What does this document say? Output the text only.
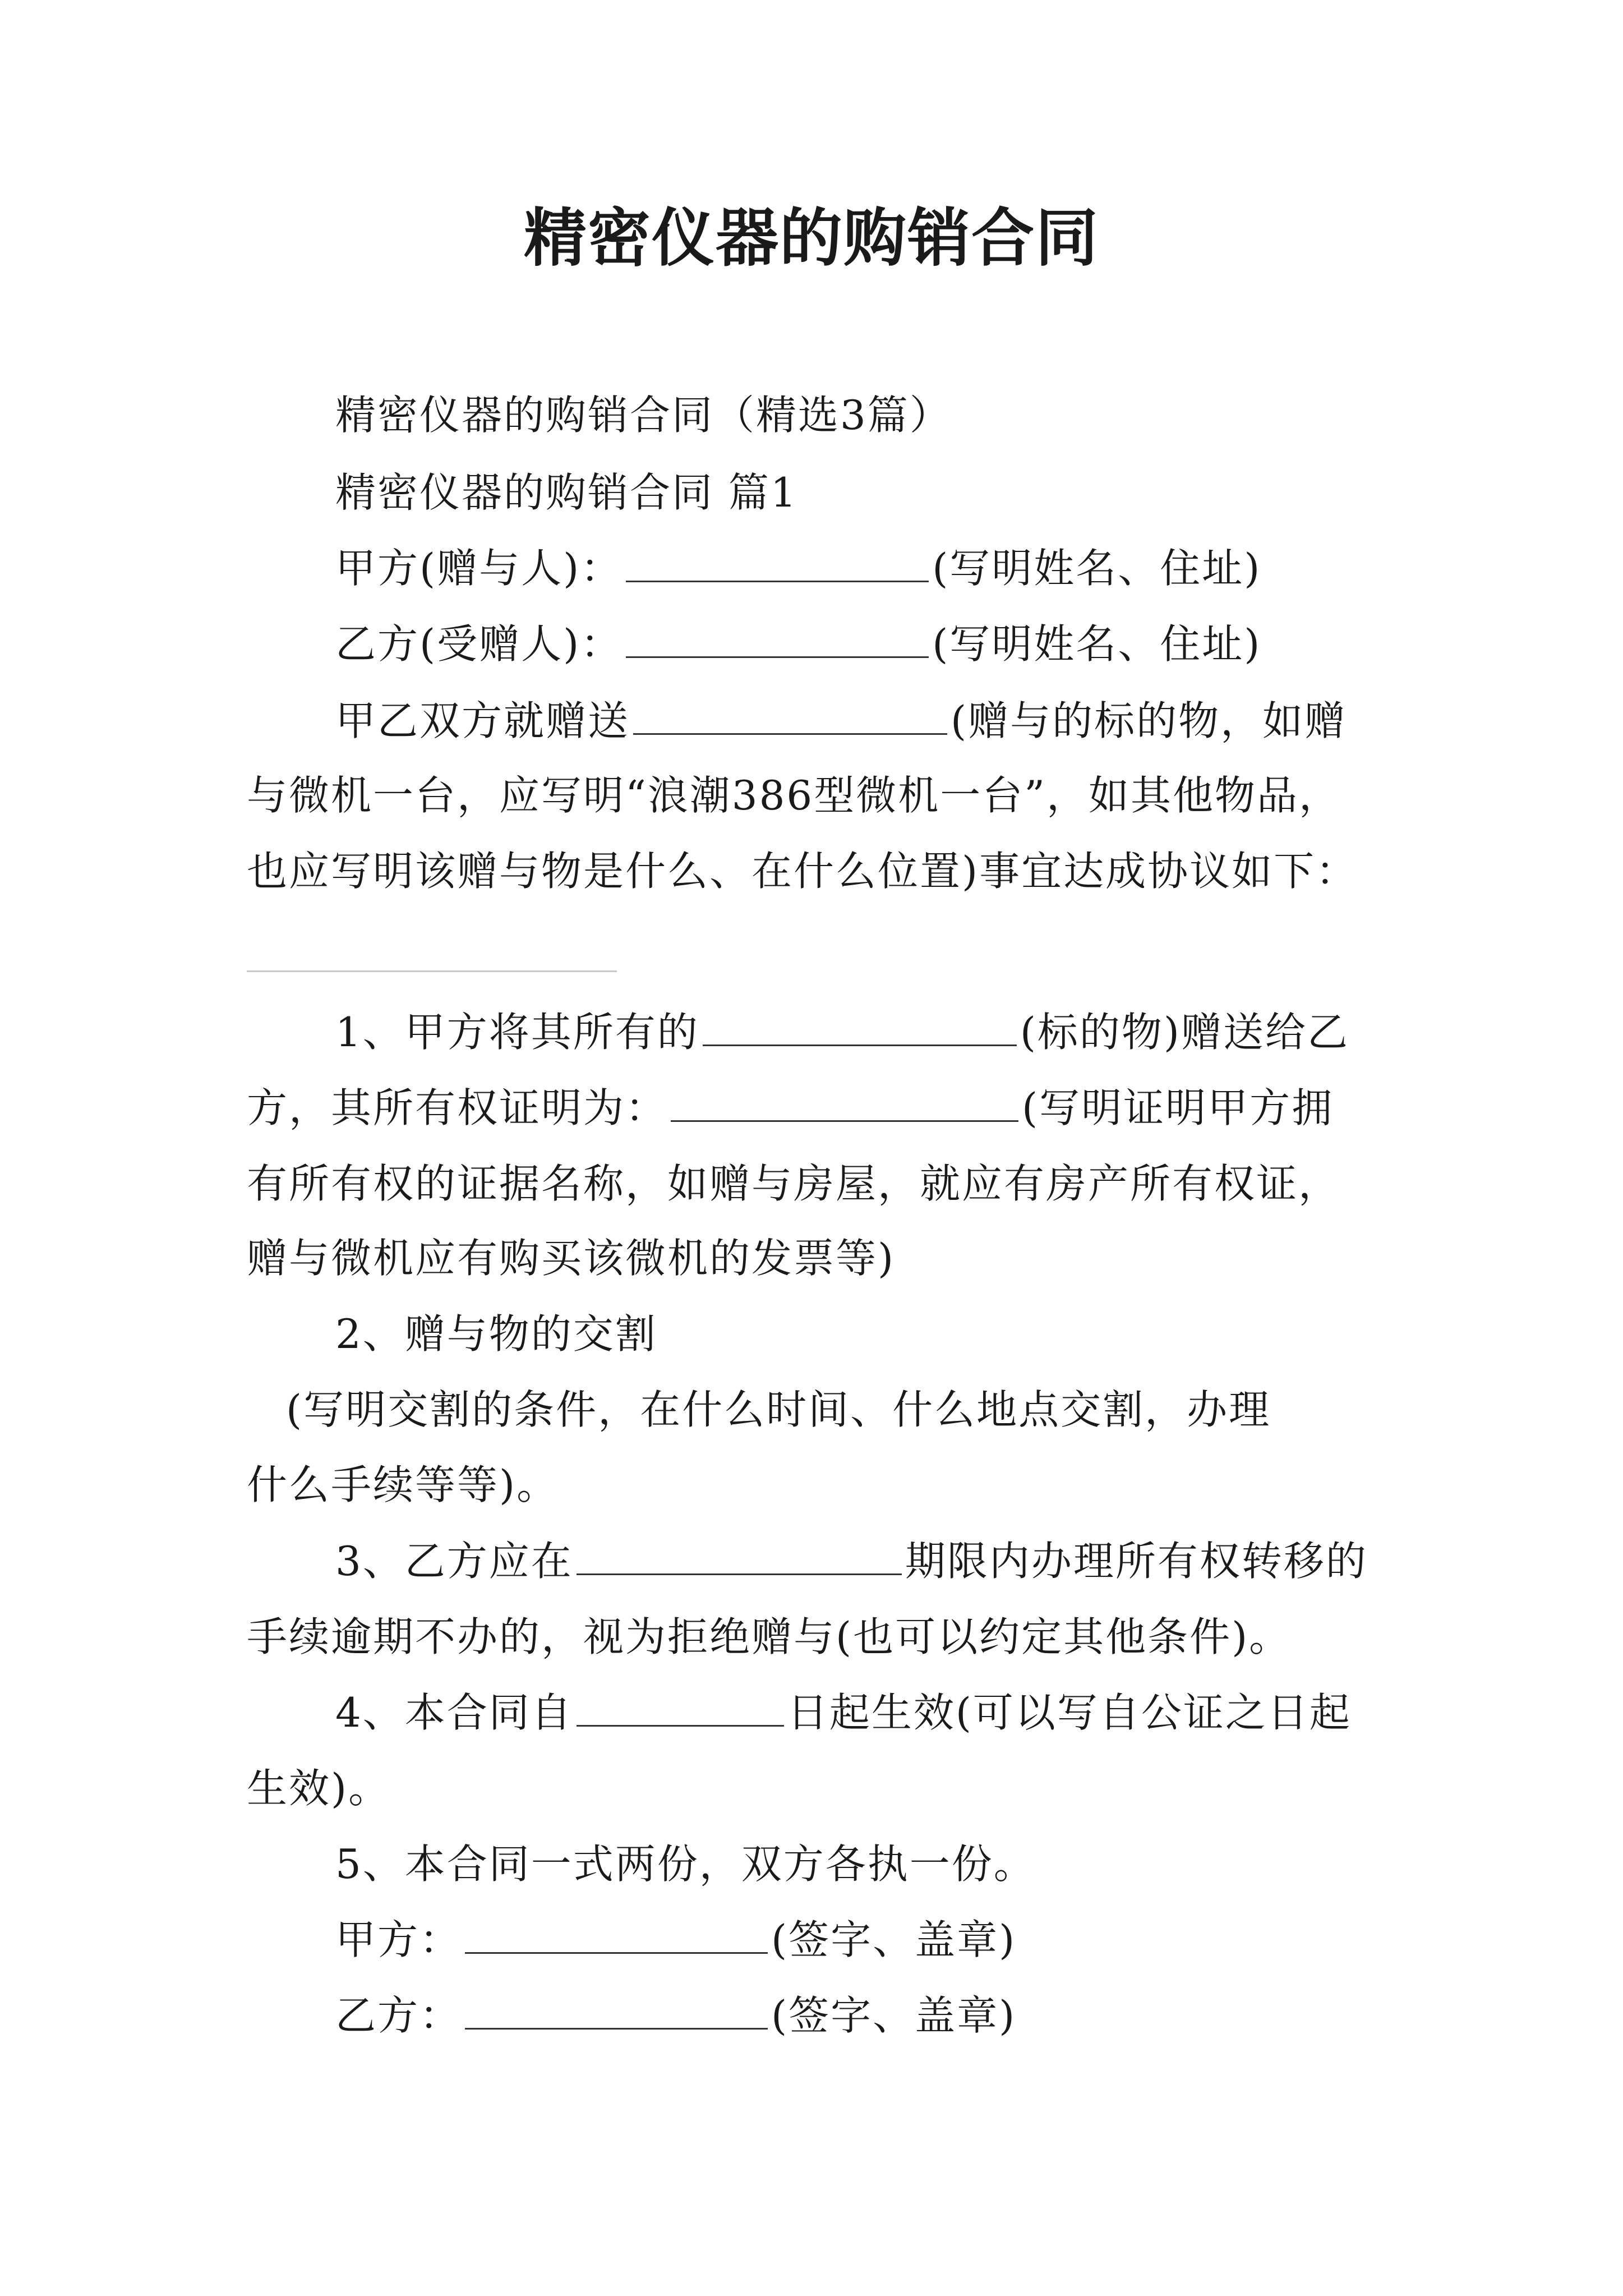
精密仪器的购销合同
精密仪器的购销合同（精选3篇）
精密仪器的购销合同 篇1
甲方(赠与人)：	(写明姓名、住址)
乙方(受赠人)：	(写明姓名、住址)
甲乙双方就赠送	(赠与的标的物，如赠
与微机一台，应写明“浪潮386型微机一台”，如其他物品，
也应写明该赠与物是什么、在什么位置)事宜达成协议如下：
1、甲方将其所有的	(标的物)赠送给乙
方，其所有权证明为：	(写明证明甲方拥
有所有权的证据名称，如赠与房屋，就应有房产所有权证，
赠与微机应有购买该微机的发票等)
2、赠与物的交割
(写明交割的条件，在什么时间、什么地点交割，办理
什么手续等等)。
3、乙方应在	期限内办理所有权转移的
手续逾期不办的，视为拒绝赠与(也可以约定其他条件)。
4、本合同自	日起生效(可以写自公证之日起
生效)。
5、本合同一式两份，双方各执一份。
甲方：	(签字、盖章)
乙方：	(签字、盖章)
